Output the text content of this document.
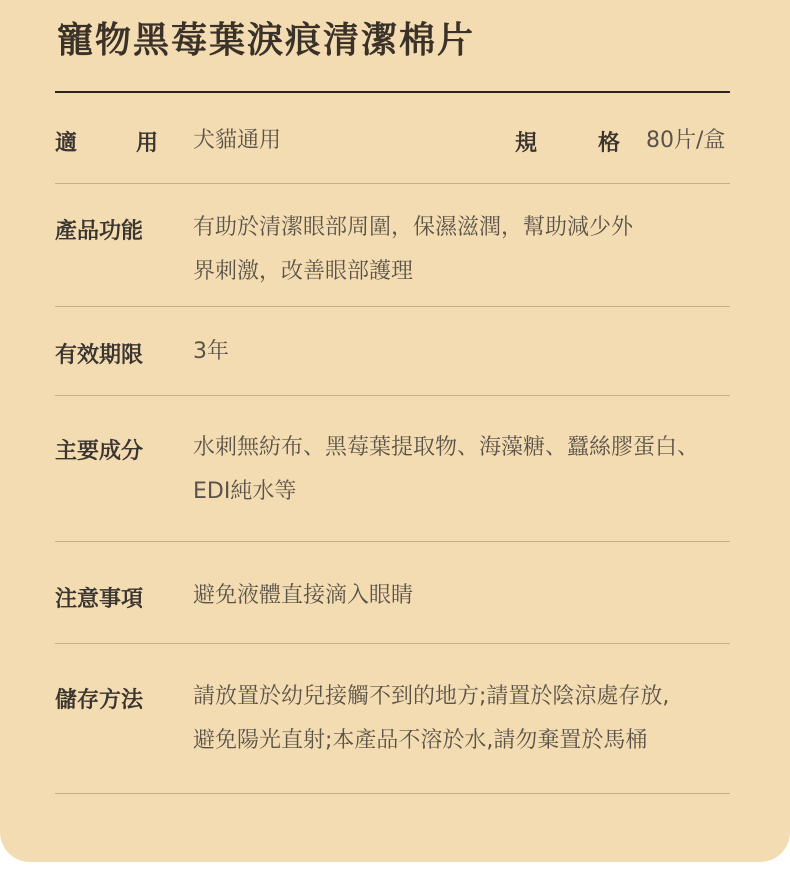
寵物黑莓葉淚痕清潔棉片
適	用 犬貓通用	規	格 80片/盒
產品功能 有助於清潔眼部周圍，保濕滋潤，幫助減少外
界刺激，改善眼部護理
有效期限 3年
主要成分 水刺無紡布、黑莓葉提取物、海藻糖、蠶絲膠蛋白、
EDI純水等
注意事項 避免液體直接滴入眼睛
儲存方法 請放置於幼兒接觸不到的地方;請置於陰涼處存放,
避免陽光直射;本產品不溶於水,請勿棄置於馬桶
